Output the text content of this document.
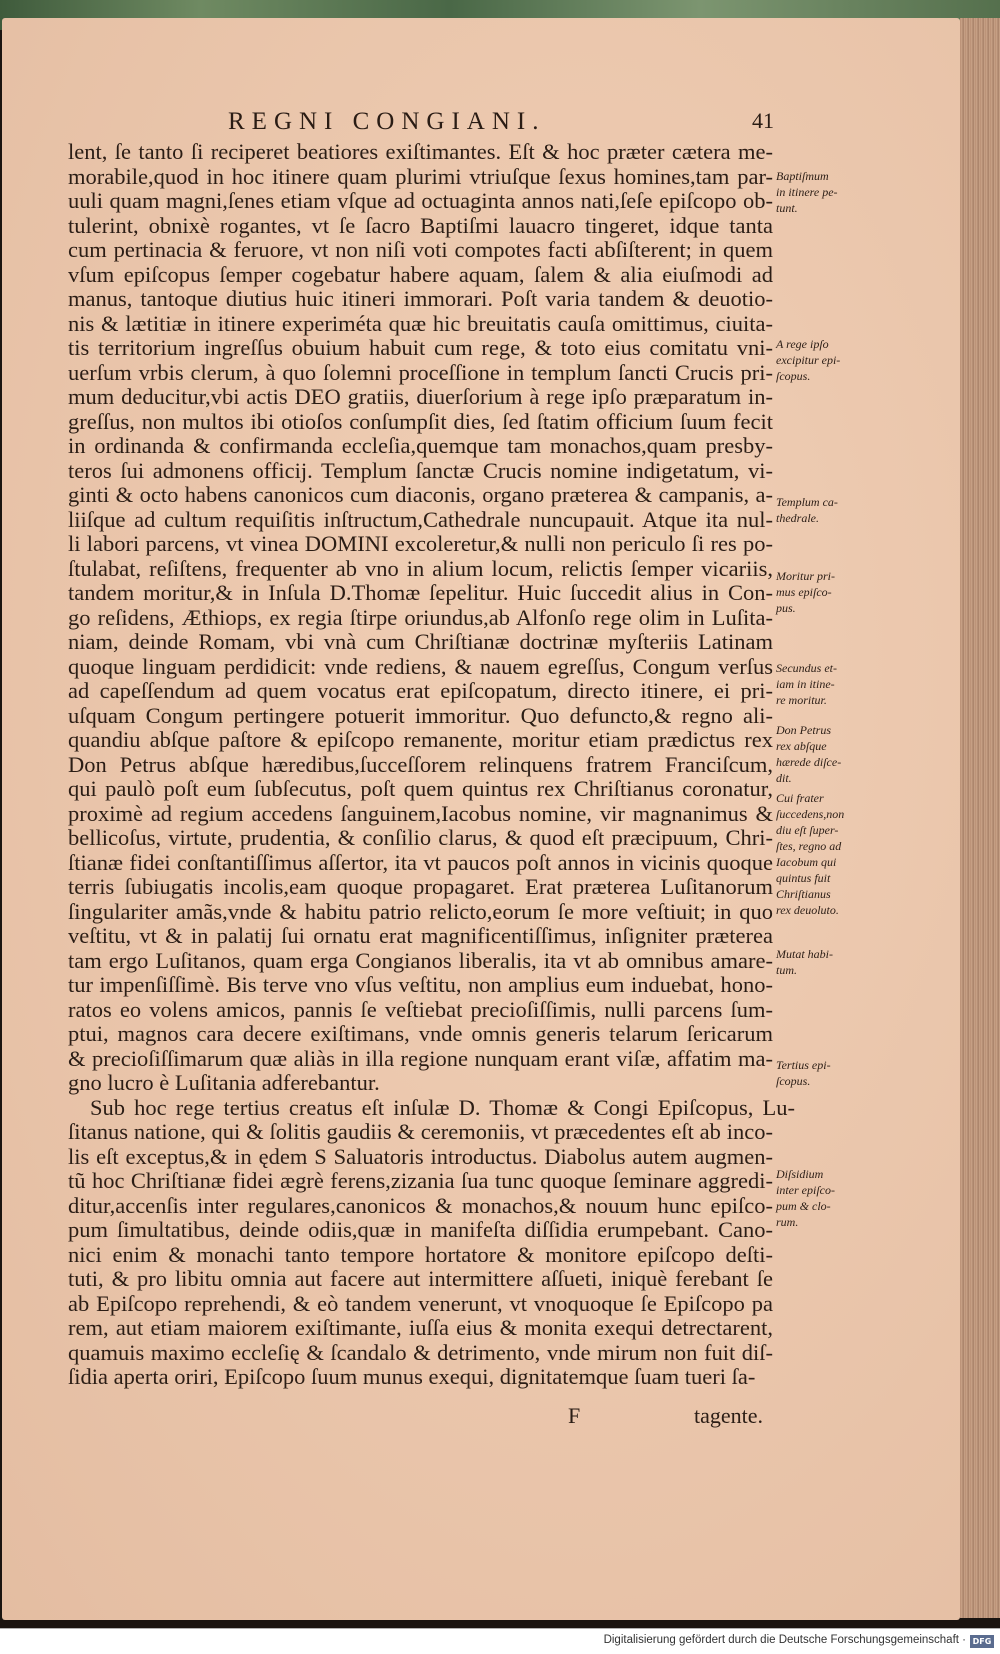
REGNI CONGIANI.	41
lent, ſe tanto ſi reciperet beatiores exiſtimantes. Eſt & hoc præter cætera me-
morabile,quod in hoc itinere quam plurimi vtriuſque ſexus homines,tam par-
uuli quam magni,ſenes etiam vſque ad octuaginta annos nati,ſeſe epiſcopo ob-
tulerint, obnixè rogantes, vt ſe ſacro Baptiſmi lauacro tingeret, idque tanta
cum pertinacia & feruore, vt non niſi voti compotes facti abſiſterent; in quem
vſum epiſcopus ſemper cogebatur habere aquam, ſalem & alia eiuſmodi ad
manus, tantoque diutius huic itineri immorari. Poſt varia tandem & deuotio-
nis & lætitiæ in itinere experiméta quæ hic breuitatis cauſa omittimus, ciuita-
tis territorium ingreſſus obuium habuit cum rege, & toto eius comitatu vni-
uerſum vrbis clerum, à quo ſolemni proceſſione in templum ſancti Crucis pri-
mum deducitur,vbi actis DEO gratiis, diuerſorium à rege ipſo præparatum in-
greſſus, non multos ibi otioſos conſumpſit dies, ſed ſtatim officium ſuum fecit
in ordinanda & confirmanda eccleſia,quemque tam monachos,quam presby-
teros ſui admonens officij. Templum ſanctæ Crucis nomine indigetatum, vi-
ginti & octo habens canonicos cum diaconis, organo præterea & campanis, a-
liiſque ad cultum requiſitis inſtructum,Cathedrale nuncupauit. Atque ita nul-
li labori parcens, vt vinea DOMINI excoleretur,& nulli non periculo ſi res po-
ſtulabat, reſiſtens, frequenter ab vno in alium locum, relictis ſemper vicariis,
tandem moritur,& in Inſula D.Thomæ ſepelitur. Huic ſuccedit alius in Con-
go reſidens, Æthiops, ex regia ſtirpe oriundus,ab Alfonſo rege olim in Luſita-
niam, deinde Romam, vbi vnà cum Chriſtianæ doctrinæ myſteriis Latinam
quoque linguam perdidicit: vnde rediens, & nauem egreſſus, Congum verſus
ad capeſſendum ad quem vocatus erat epiſcopatum, directo itinere, ei pri-
uſquam Congum pertingere potuerit immoritur. Quo defuncto,& regno ali-
quandiu abſque paſtore & epiſcopo remanente, moritur etiam prædictus rex
Don Petrus abſque hæredibus,ſucceſſorem relinquens fratrem Franciſcum,
qui paulò poſt eum ſubſecutus, poſt quem quintus rex Chriſtianus coronatur,
proximè ad regium accedens ſanguinem,Iacobus nomine, vir magnanimus &
bellicoſus, virtute, prudentia, & conſilio clarus, & quod eſt præcipuum, Chri-
ſtianæ fidei conſtantiſſimus aſſertor, ita vt paucos poſt annos in vicinis quoque
terris ſubiugatis incolis,eam quoque propagaret. Erat præterea Luſitanorum
ſingulariter amãs,vnde & habitu patrio relicto,eorum ſe more veſtiuit; in quo
veſtitu, vt & in palatij ſui ornatu erat magnificentiſſimus, inſigniter præterea
tam ergo Luſitanos, quam erga Congianos liberalis, ita vt ab omnibus amare-
tur impenſiſſimè. Bis terve vno vſus veſtitu, non amplius eum induebat, hono-
ratos eo volens amicos, pannis ſe veſtiebat precioſiſſimis, nulli parcens ſum-
ptui, magnos cara decere exiſtimans, vnde omnis generis telarum ſericarum
& precioſiſſimarum quæ aliàs in illa regione nunquam erant viſæ, affatim ma-
gno lucro è Luſitania adferebantur.
Sub hoc rege tertius creatus eſt inſulæ D. Thomæ & Congi Epiſcopus, Lu-
ſitanus natione, qui & ſolitis gaudiis & ceremoniis, vt præcedentes eſt ab inco-
lis eſt exceptus,& in ędem S Saluatoris introductus. Diabolus autem augmen-
tũ hoc Chriſtianæ fidei ægrè ferens,zizania ſua tunc quoque ſeminare aggredi-
ditur,accenſis inter regulares,canonicos & monachos,& nouum hunc epiſco-
pum ſimultatibus, deinde odiis,quæ in manifeſta diſſidia erumpebant. Cano-
nici enim & monachi tanto tempore hortatore & monitore epiſcopo deſti-
tuti, & pro libitu omnia aut facere aut intermittere aſſueti, iniquè ferebant ſe
ab Epiſcopo reprehendi, & eò tandem venerunt, vt vnoquoque ſe Epiſcopo pa
rem, aut etiam maiorem exiſtimante, iuſſa eius & monita exequi detrectarent,
quamuis maximo eccleſię & ſcandalo & detrimento, vnde mirum non fuit diſ-
ſidia aperta oriri, Epiſcopo ſuum munus exequi, dignitatemque ſuam tueri ſa-
Baptiſmum
in itinere pe-
tunt.
A rege ipſo
excipitur epi-
ſcopus.
Templum ca-
thedrale.
Moritur pri-
mus epiſco-
pus.
Secundus et-
iam in itine-
re moritur.
Don Petrus
rex abſque
hærede diſce-
dit.
Cui frater
ſuccedens,non
diu eſt ſuper-
ſtes, regno ad
Iacobum qui
quintus fuit
Chriſtianus
rex deuoluto.
Mutat habi-
tum.
Tertius epi-
ſcopus.
Diſsidium
inter epiſco-
pum & clo-
rum.
F	tagente.
Digitalisierung gefördert durch die Deutsche Forschungsgemeinschaft · DFG
